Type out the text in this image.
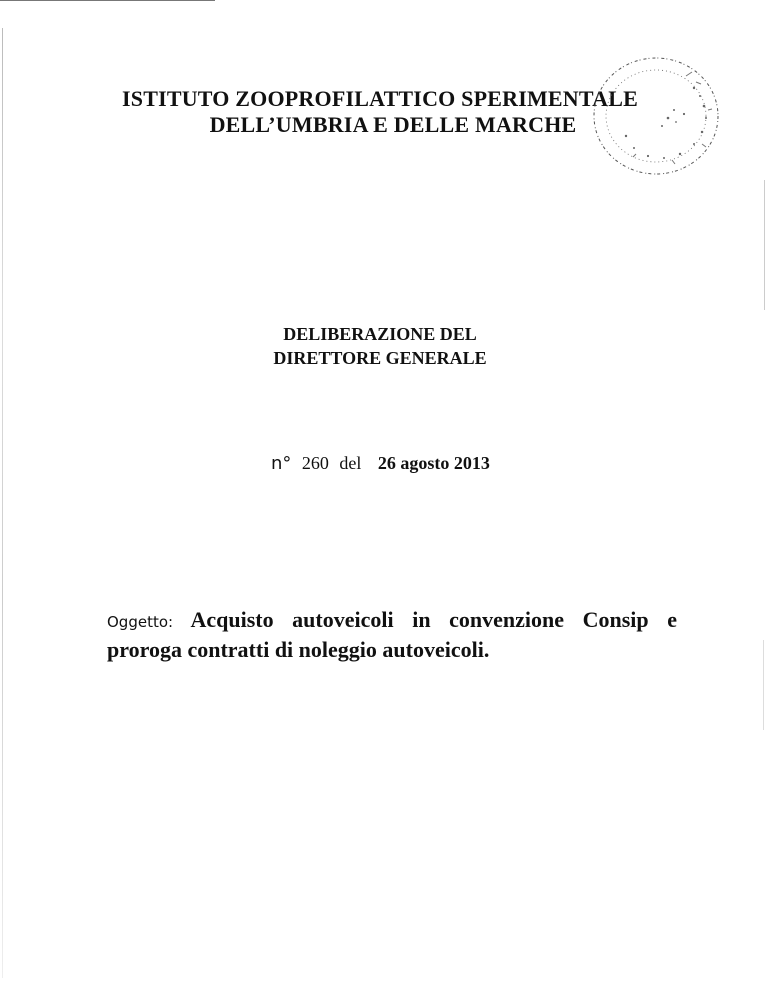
ISTITUTO ZOOPROFILATTICO SPERIMENTALE
DELL’UMBRIA E DELLE MARCHE
DELIBERAZIONE DEL
DIRETTORE GENERALE
n° 260 del 26 agosto 2013
Oggetto: Acquisto autoveicoli in convenzione Consip e proroga contratti di noleggio autoveicoli.
